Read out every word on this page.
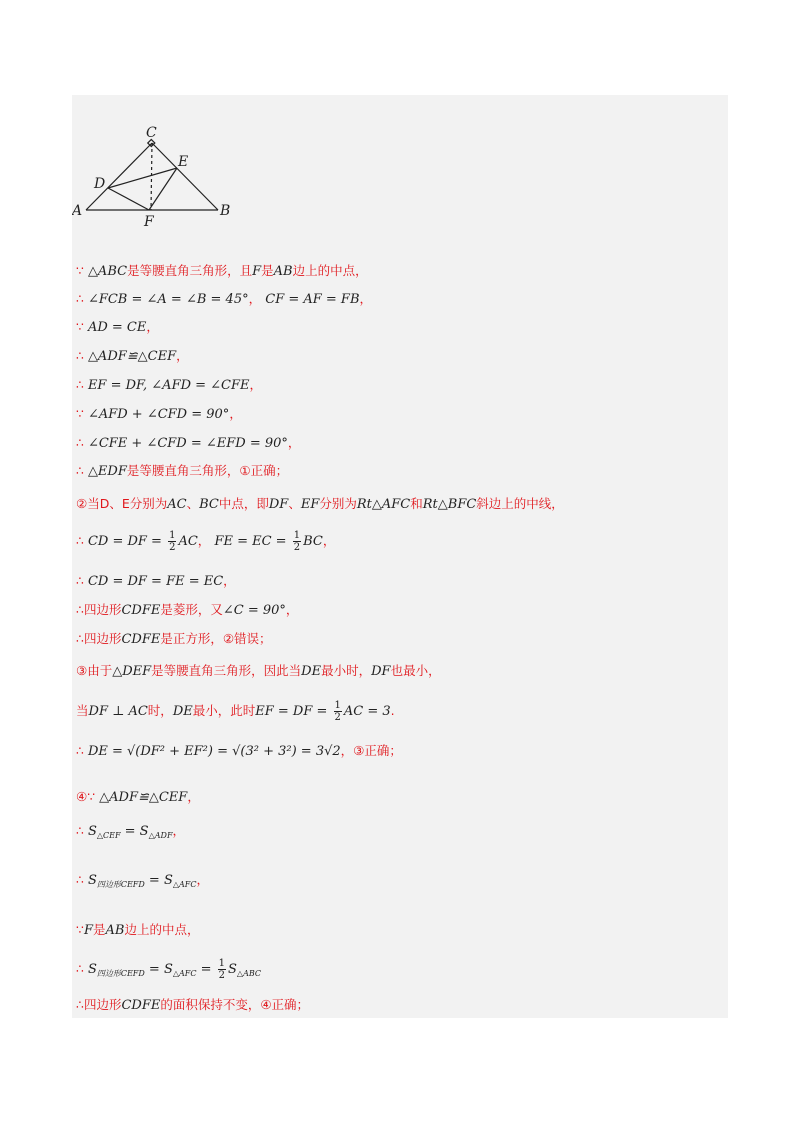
A	B
C
D
E
F
∵ △ABC是等腰直角三角形，且F是AB边上的中点，
∴ ∠FCB = ∠A = ∠B = 45°， CF = AF = FB，
∵ AD = CE，
∴ △ADF≌△CEF，
∴ EF = DF, ∠AFD = ∠CFE，
∵ ∠AFD + ∠CFD = 90°，
∴ ∠CFE + ∠CFD = ∠EFD = 90°，
∴ △EDF是等腰直角三角形，①正确；
②当D、E分别为AC、BC中点，即DF、EF分别为Rt△AFC和Rt△BFC斜边上的中线，
∴ CD = DF = $\frac{1}{2}$ AC， FE = EC = $\frac{1}{2}$ BC，
∴ CD = DF = FE = EC，
∴四边形CDFE是菱形，又∠C = 90°，
∴四边形CDFE是正方形，②错误；
③由于△DEF是等腰直角三角形，因此当DE最小时，DF也最小，
当DF ⊥ AC时，DE最小，此时EF = DF = $\frac{1}{2}$ AC = 3.
∴ DE = √(DF² + EF²) = √(3² + 3²) = 3√2，③正确；
④∵ △ADF≌△CEF，
∴ $S_{\triangle CEF} = S_{\triangle ADF}$，
∴ $S_{四边形CEFD} = S_{\triangle AFC}$，
∵F是AB边上的中点，
∴ $S_{四边形CEFD} = S_{\triangle AFC} = \frac{1}{2} S_{\triangle ABC}$
∴四边形CDFE的面积保持不变，④正确；
